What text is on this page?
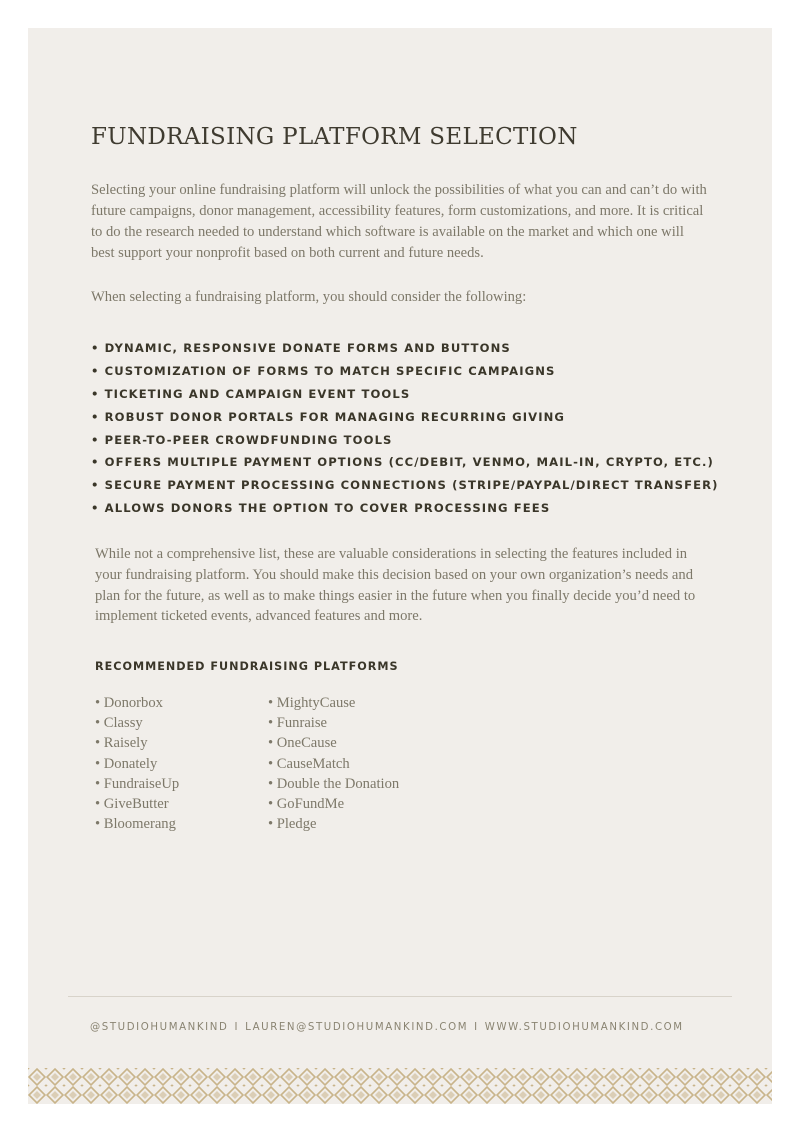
FUNDRAISING PLATFORM SELECTION

Selecting your online fundraising platform will unlock the possibilities of what you can and can’t do with future campaigns, donor management, accessibility features, form customizations, and more. It is critical to do the research needed to understand which software is available on the market and which one will best support your nonprofit based on both current and future needs.

When selecting a fundraising platform, you should consider the following:

• DYNAMIC, RESPONSIVE DONATE FORMS AND BUTTONS
• CUSTOMIZATION OF FORMS TO MATCH SPECIFIC CAMPAIGNS
• TICKETING AND CAMPAIGN EVENT TOOLS
• ROBUST DONOR PORTALS FOR MANAGING RECURRING GIVING
• PEER-TO-PEER CROWDFUNDING TOOLS
• OFFERS MULTIPLE PAYMENT OPTIONS (CC/DEBIT, VENMO, MAIL-IN, CRYPTO, ETC.)
• SECURE PAYMENT PROCESSING CONNECTIONS (STRIPE/PAYPAL/DIRECT TRANSFER)
• ALLOWS DONORS THE OPTION TO COVER PROCESSING FEES

While not a comprehensive list, these are valuable considerations in selecting the features included in your fundraising platform. You should make this decision based on your own organization’s needs and plan for the future, as well as to make things easier in the future when you finally decide you’d need to implement ticketed events, advanced features and more.

RECOMMENDED FUNDRAISING PLATFORMS
• Donorbox
• Classy
• Raisely
• Donately
• FundraiseUp
• GiveButter
• Bloomerang
• MightyCause
• Funraise
• OneCause
• CauseMatch
• Double the Donation
• GoFundMe
• Pledge
@STUDIOHUMANKIND I LAUREN@STUDIOHUMANKIND.COM I WWW.STUDIOHUMANKIND.COM
